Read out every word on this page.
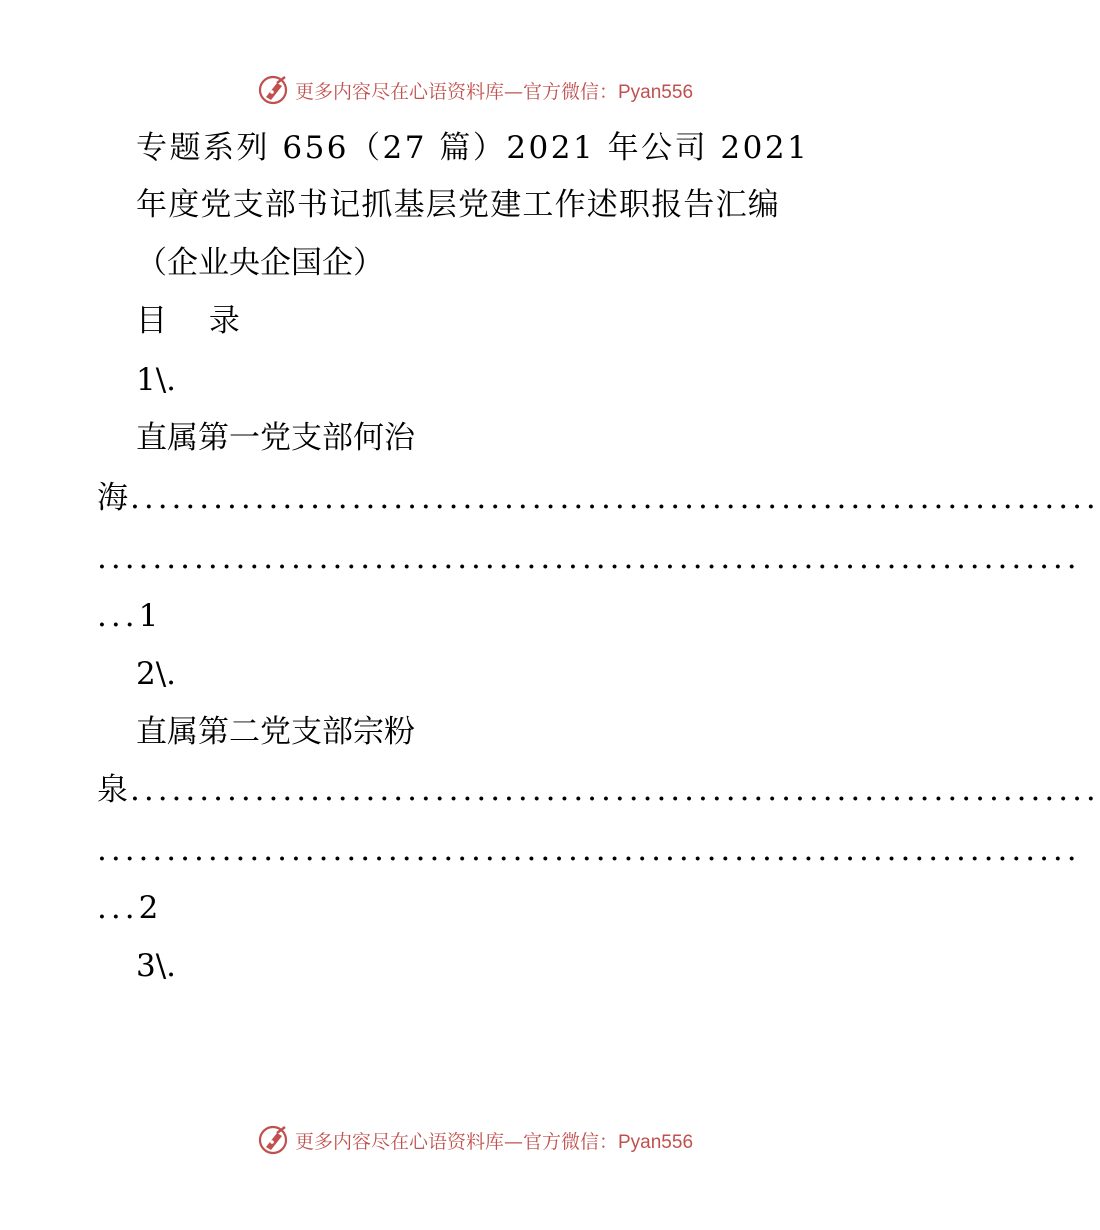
更多内容尽在心语资料库—官方微信：Pyan556
专题系列 656（27 篇）2021 年公司 2021
年度党支部书记抓基层党建工作述职报告汇编
（企业央企国企）
目 录
1\.
直属第一党支部何治
海 ......................................................................
.......................................................................
...1
2\.
直属第二党支部宗粉
泉 ......................................................................
.......................................................................
...2
3\.
更多内容尽在心语资料库—官方微信：Pyan556
